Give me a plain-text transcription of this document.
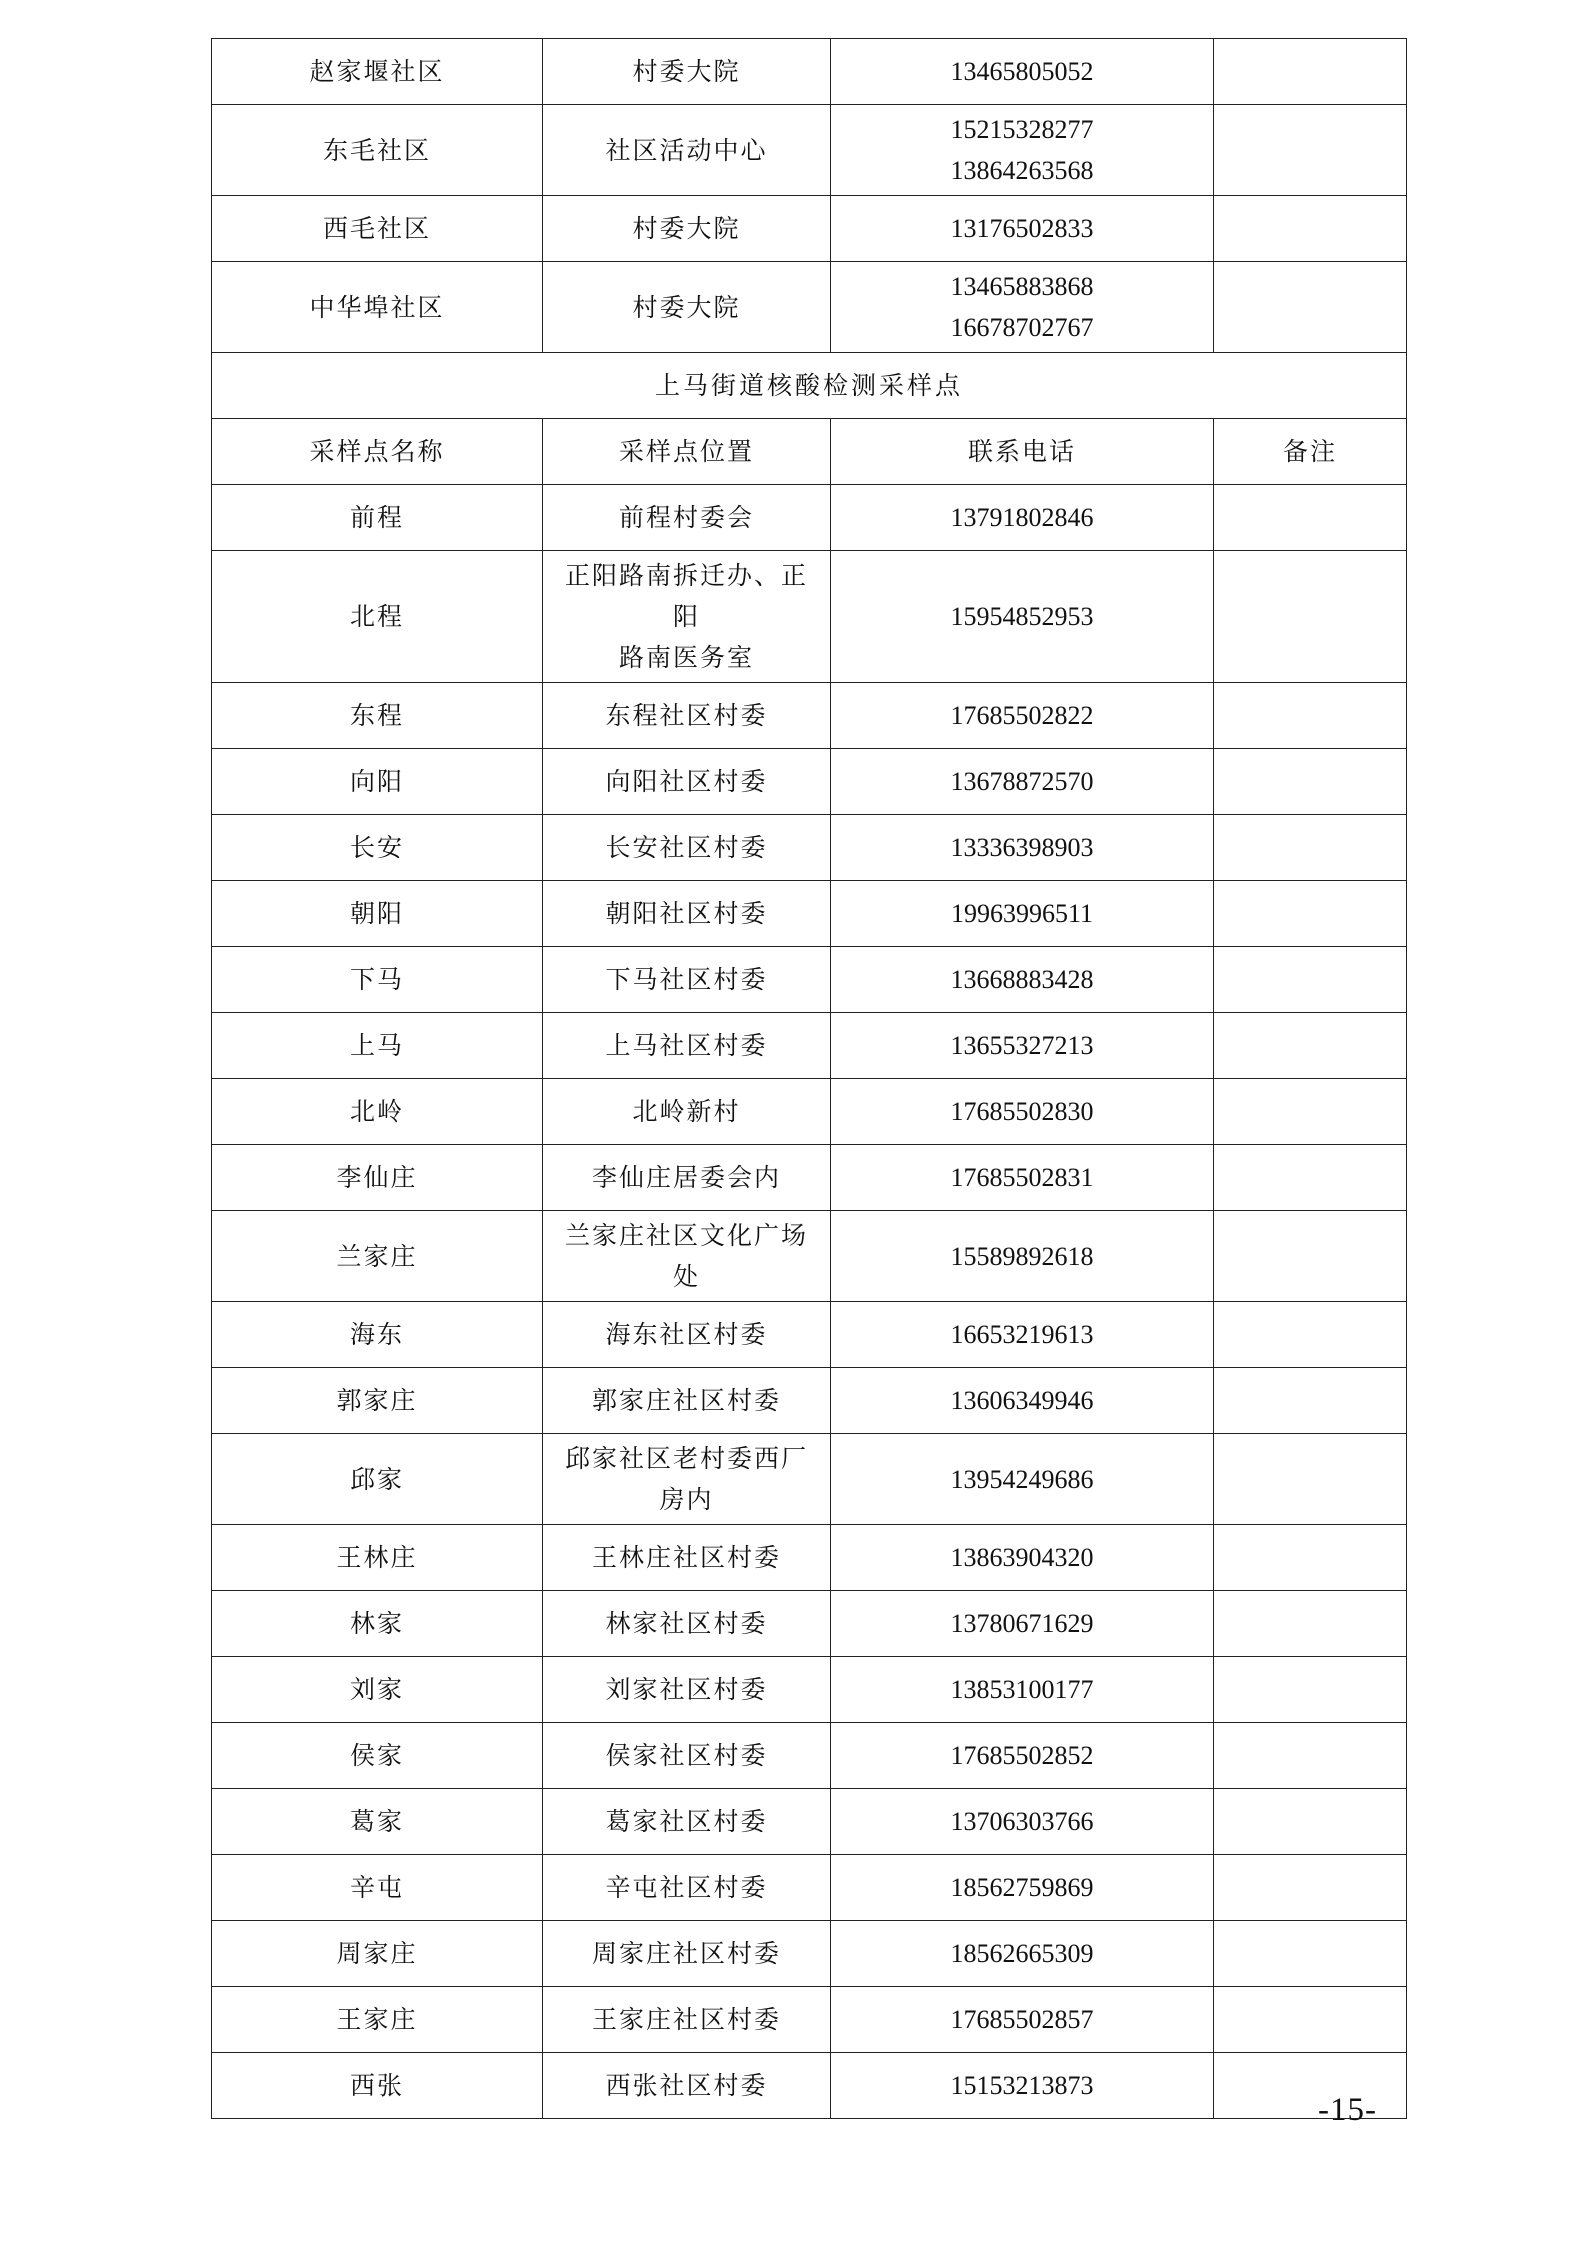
赵家堰社区	村委大院	13465805052	

东毛社区	社区活动中心	15215328277
13864263568	

西毛社区	村委大院	13176502833	

中华埠社区	村委大院	13465883868
16678702767	

上马街道核酸检测采样点			
采样点名称	采样点位置	联系电话	备注
前程	前程村委会	13791802846	

北程	正阳路南拆迁办、正阳
路南医务室	15954852953	

东程	东程社区村委	17685502822	

向阳	向阳社区村委	13678872570	

长安	长安社区村委	13336398903	

朝阳	朝阳社区村委	19963996511	

下马	下马社区村委	13668883428	

上马	上马社区村委	13655327213	

北岭	北岭新村	17685502830	

李仙庄	李仙庄居委会内	17685502831	

兰家庄	兰家庄社区文化广场
处	15589892618	

海东	海东社区村委	16653219613	

郭家庄	郭家庄社区村委	13606349946	

邱家	邱家社区老村委西厂
房内	13954249686	

王林庄	王林庄社区村委	13863904320	

林家	林家社区村委	13780671629	

刘家	刘家社区村委	13853100177	

侯家	侯家社区村委	17685502852	

葛家	葛家社区村委	13706303766	

辛屯	辛屯社区村委	18562759869	

周家庄	周家庄社区村委	18562665309	

王家庄	王家庄社区村委	17685502857	

西张	西张社区村委	15153213873	

-15-
